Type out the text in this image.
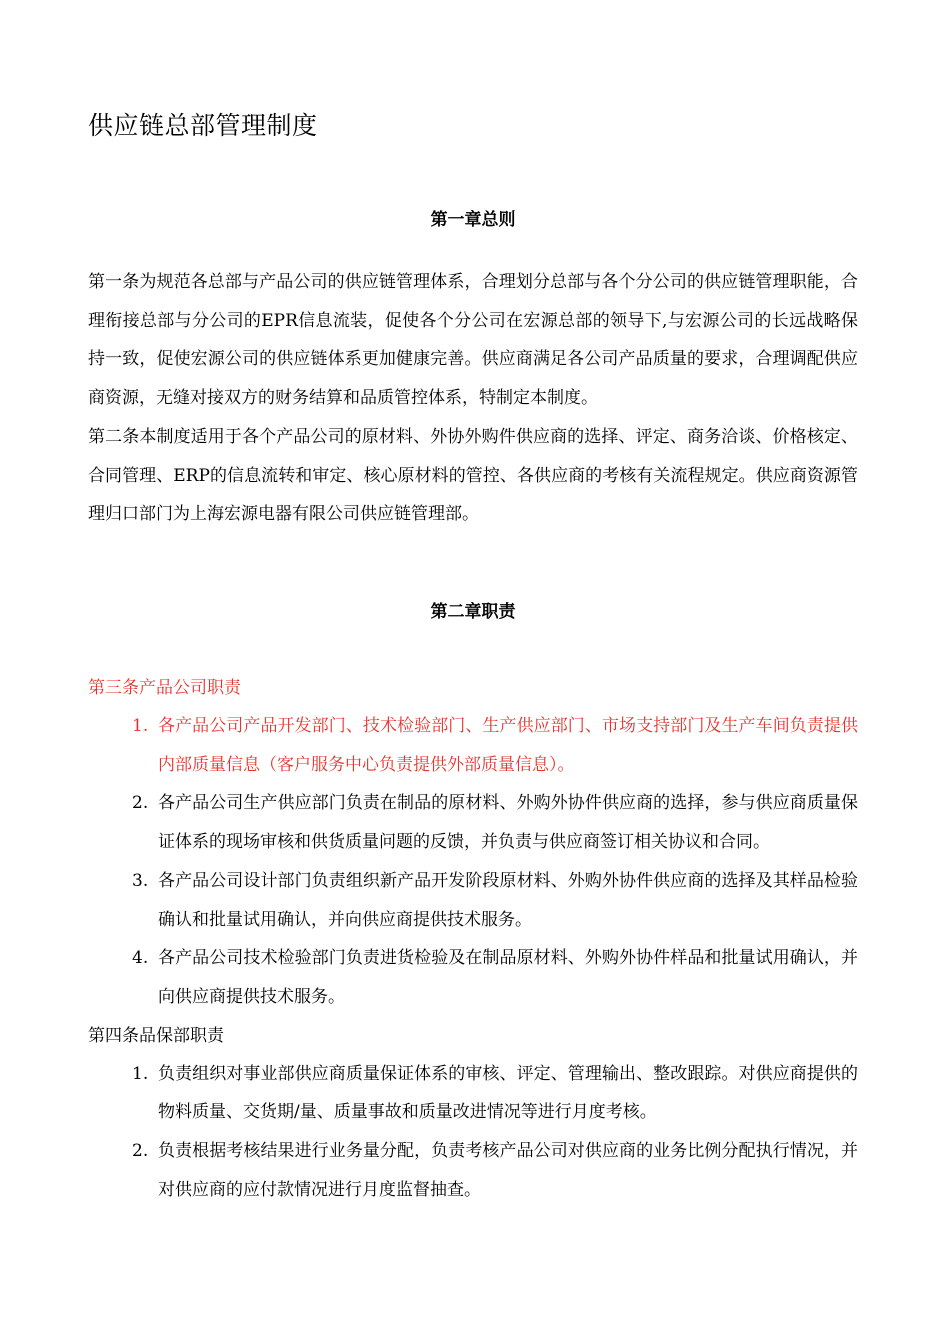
供应链总部管理制度
第一章总则

第一条为规范各总部与产品公司的供应链管理体系，合理划分总部与各个分公司的供应链管理职能，合理衔接总部与分公司的EPR信息流装，促使各个分公司在宏源总部的领导下,与宏源公司的长远战略保持一致，促使宏源公司的供应链体系更加健康完善。供应商满足各公司产品质量的要求，合理调配供应商资源，无缝对接双方的财务结算和品质管控体系，特制定本制度。

第二条本制度适用于各个产品公司的原材料、外协外购件供应商的选择、评定、商务洽谈、价格核定、合同管理、ERP的信息流转和审定、核心原材料的管控、各供应商的考核有关流程规定。供应商资源管理归口部门为上海宏源电器有限公司供应链管理部。

第二章职责
第三条产品公司职责
1. 各产品公司产品开发部门、技术检验部门、生产供应部门、市场支持部门及生产车间负责提供内部质量信息（客户服务中心负责提供外部质量信息）。
2. 各产品公司生产供应部门负责在制品的原材料、外购外协件供应商的选择，参与供应商质量保证体系的现场审核和供货质量问题的反馈，并负责与供应商签订相关协议和合同。
3. 各产品公司设计部门负责组织新产品开发阶段原材料、外购外协件供应商的选择及其样品检验确认和批量试用确认，并向供应商提供技术服务。
4. 各产品公司技术检验部门负责进货检验及在制品原材料、外购外协件样品和批量试用确认，并向供应商提供技术服务。
第四条品保部职责
1. 负责组织对事业部供应商质量保证体系的审核、评定、管理输出、整改跟踪。对供应商提供的物料质量、交货期/量、质量事故和质量改进情况等进行月度考核。
2. 负责根据考核结果进行业务量分配，负责考核产品公司对供应商的业务比例分配执行情况，并对供应商的应付款情况进行月度监督抽查。
